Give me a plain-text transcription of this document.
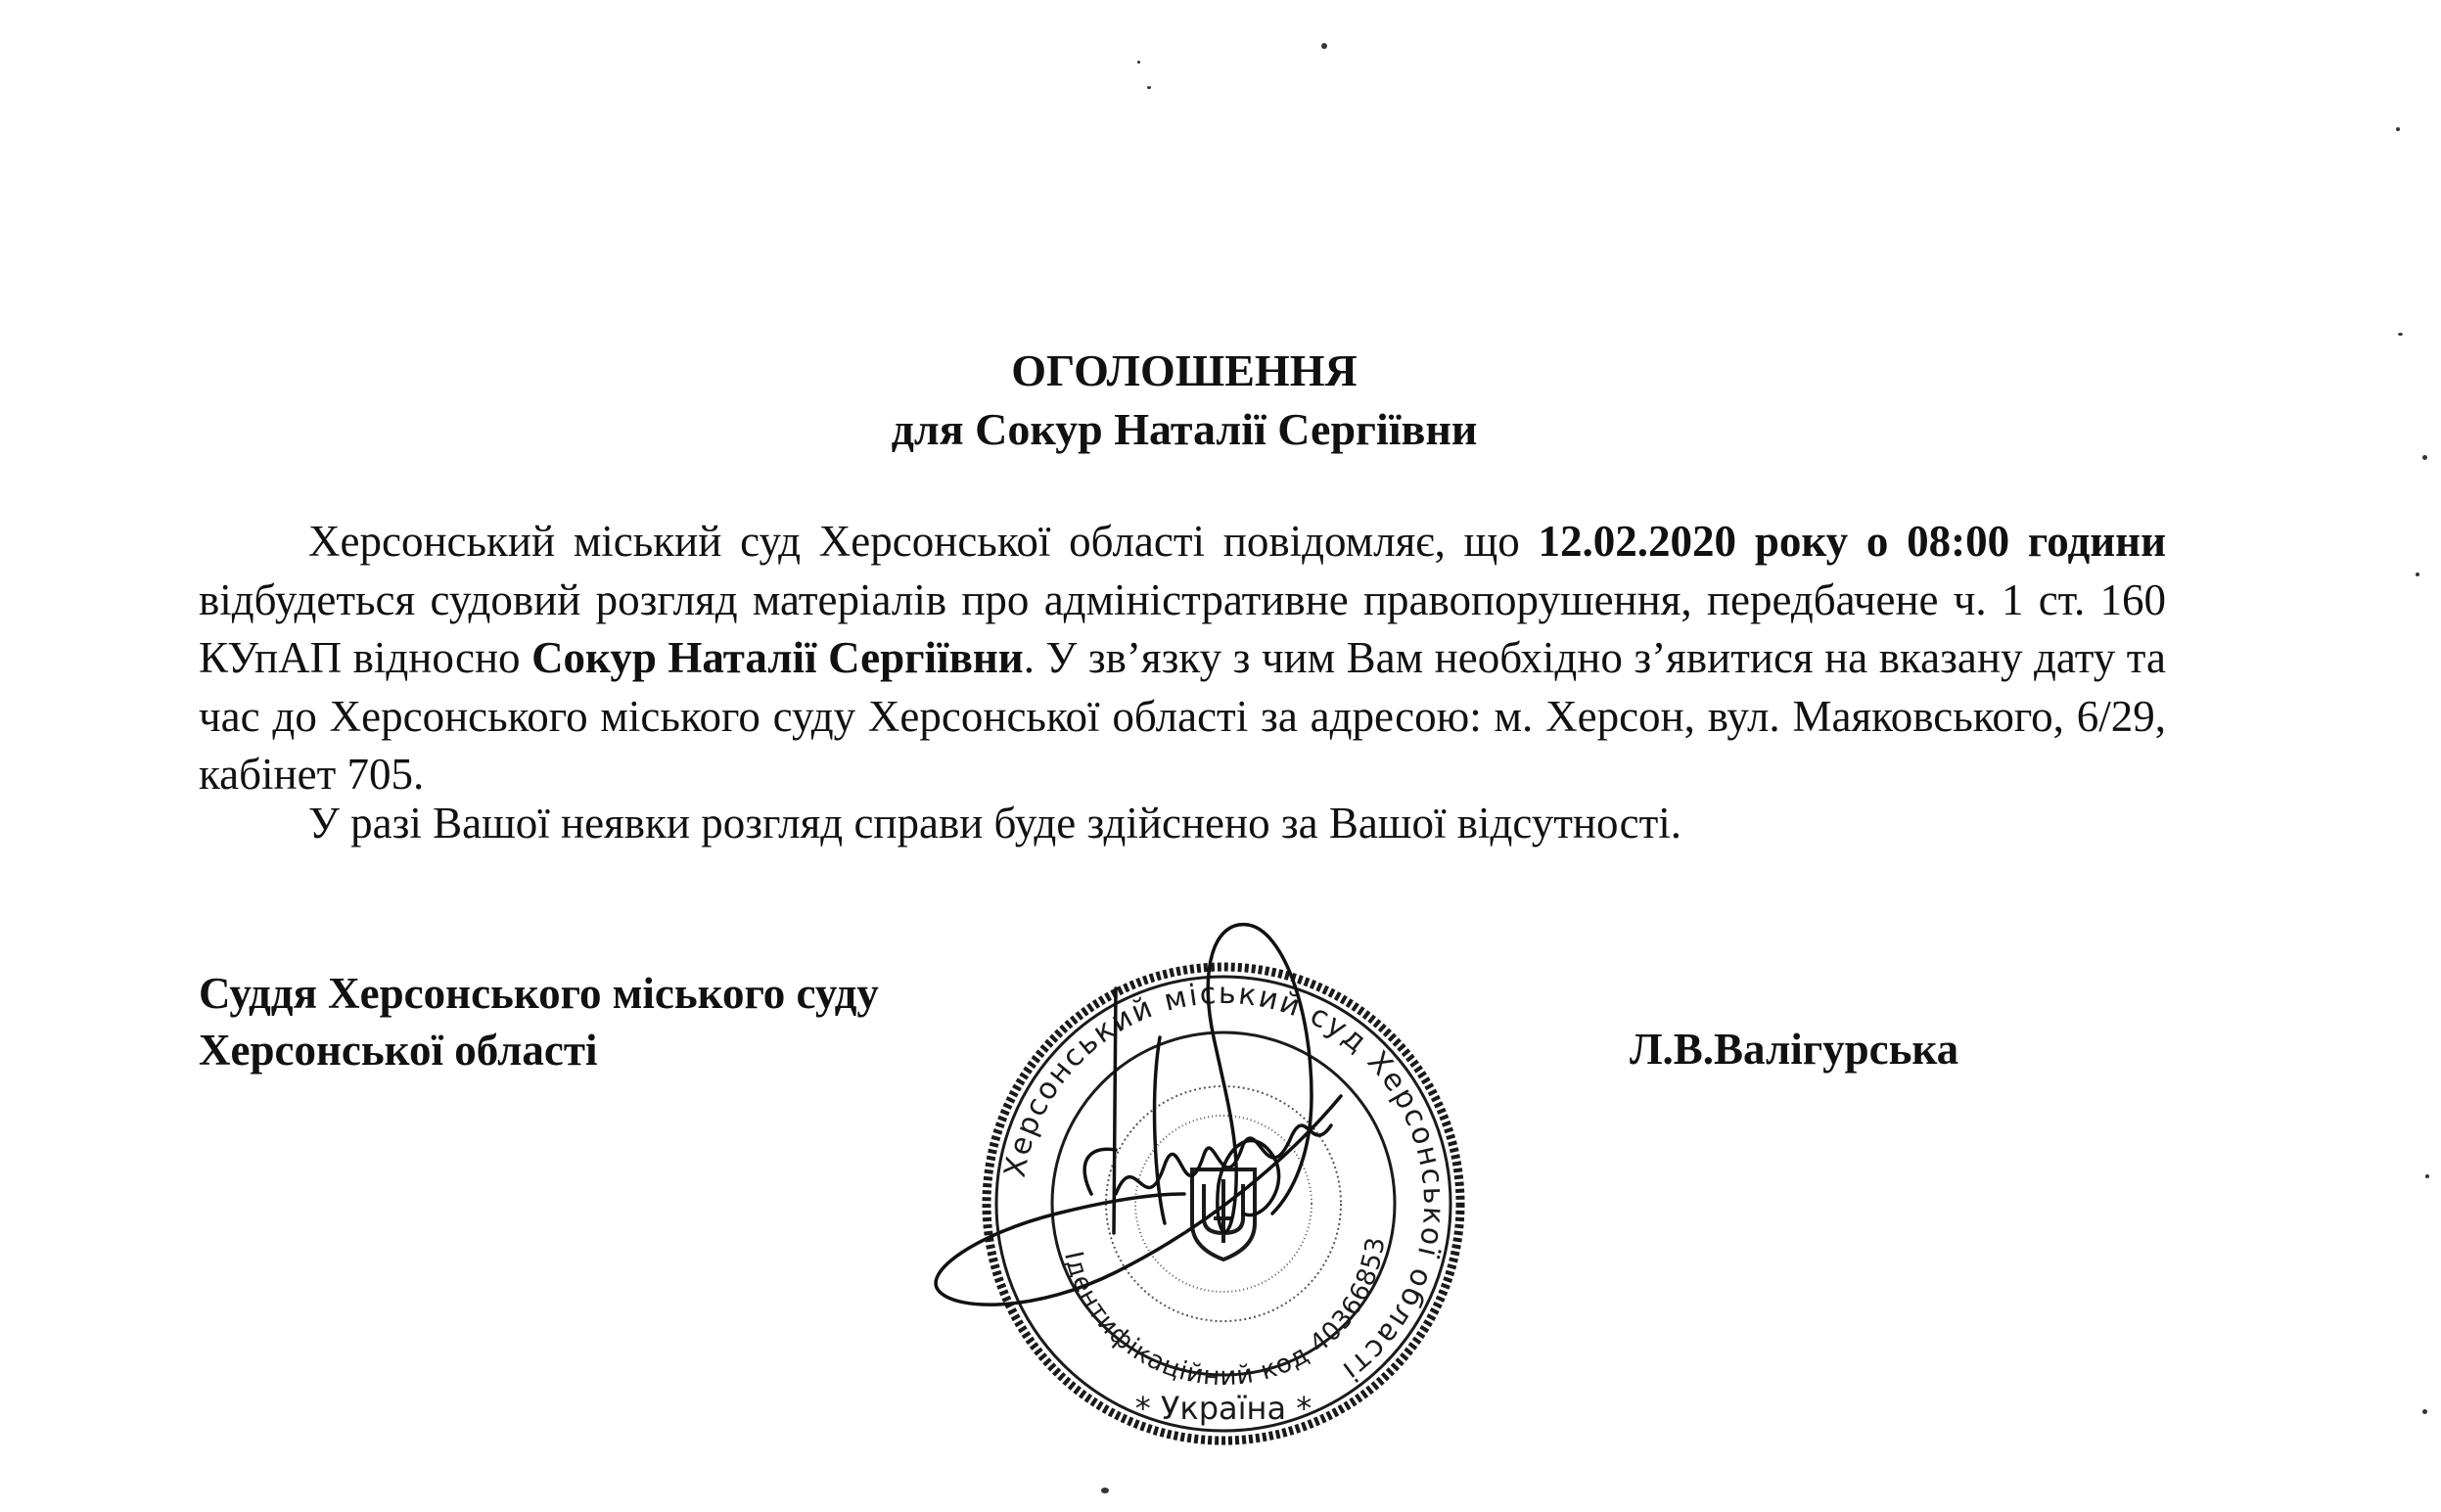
ОГОЛОШЕННЯ
для Сокур Наталії Сергіївни

Херсонський міський суд Херсонської області повідомляє, що 12.02.2020 року о 08:00 години відбудеться судовий розгляд матеріалів про адміністративне правопорушення, передбачене ч. 1 ст. 160 КУпАП відносно Сокур Наталії Сергіївни. У зв’язку з чим Вам необхідно з’явитися на вказану дату та час до Херсонського міського суду Херсонської області за адресою: м. Херсон, вул. Маяковського, 6/29, кабінет 705.

У разі Вашої неявки розгляд справи буде здійснено за Вашої відсутності.

Суддя Херсонського міського суду
Херсонської області	Л.В.Валігурська
Херсонський міський суд Херсонської області
Ідентифікаційний код 40366853
* Україна *
